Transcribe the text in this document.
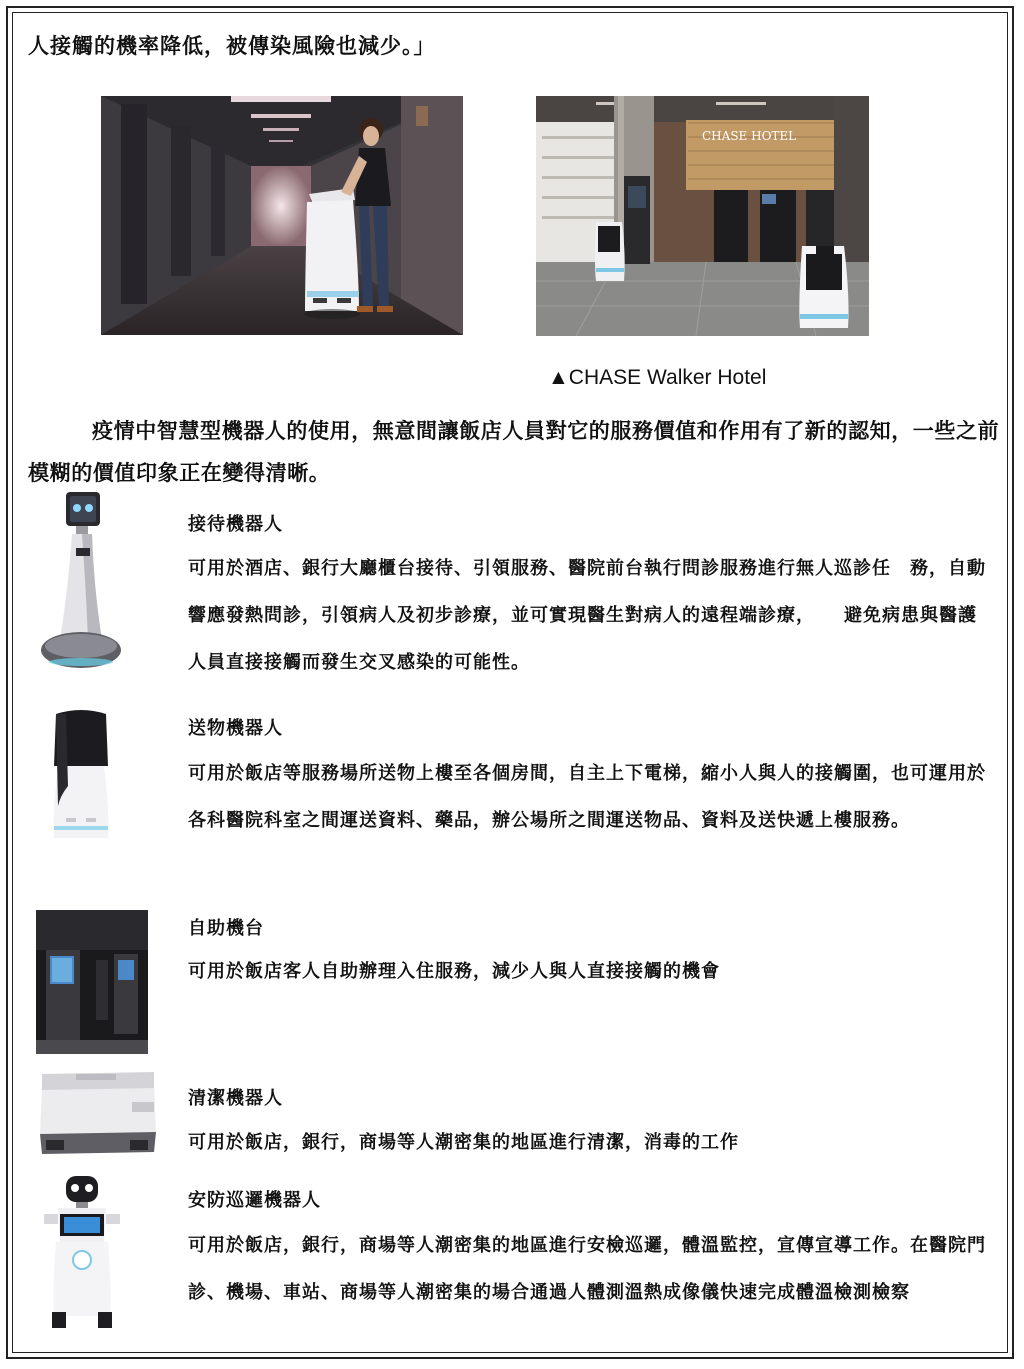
人接觸的機率降低，被傳染風險也減少。」
CHASE HOTEL
▲CHASE Walker Hotel
疫情中智慧型機器人的使用，無意間讓飯店人員對它的服務價值和作用有了新的認知，一些之前模糊的價值印象正在變得清晰。
接待機器人
可用於酒店、銀行大廳櫃台接待、引領服務、醫院前台執行問診服務進行無人巡診任　務，自動響應發熱問診，引領病人及初步診療，並可實現醫生對病人的遠程端診療，　　避免病患與醫護人員直接接觸而發生交叉感染的可能性。
送物機器人
可用於飯店等服務場所送物上樓至各個房間，自主上下電梯，縮小人與人的接觸圍，也可運用於各科醫院科室之間運送資料、藥品，辦公場所之間運送物品、資料及送快遞上樓服務。
自助機台
可用於飯店客人自助辦理入住服務，減少人與人直接接觸的機會
清潔機器人
可用於飯店，銀行，商場等人潮密集的地區進行清潔，消毒的工作
安防巡邏機器人
可用於飯店，銀行，商場等人潮密集的地區進行安檢巡邏，體溫監控，宣傳宣導工作。在醫院門診、機場、車站、商場等人潮密集的場合通過人體測溫熱成像儀快速完成體溫檢測檢察
